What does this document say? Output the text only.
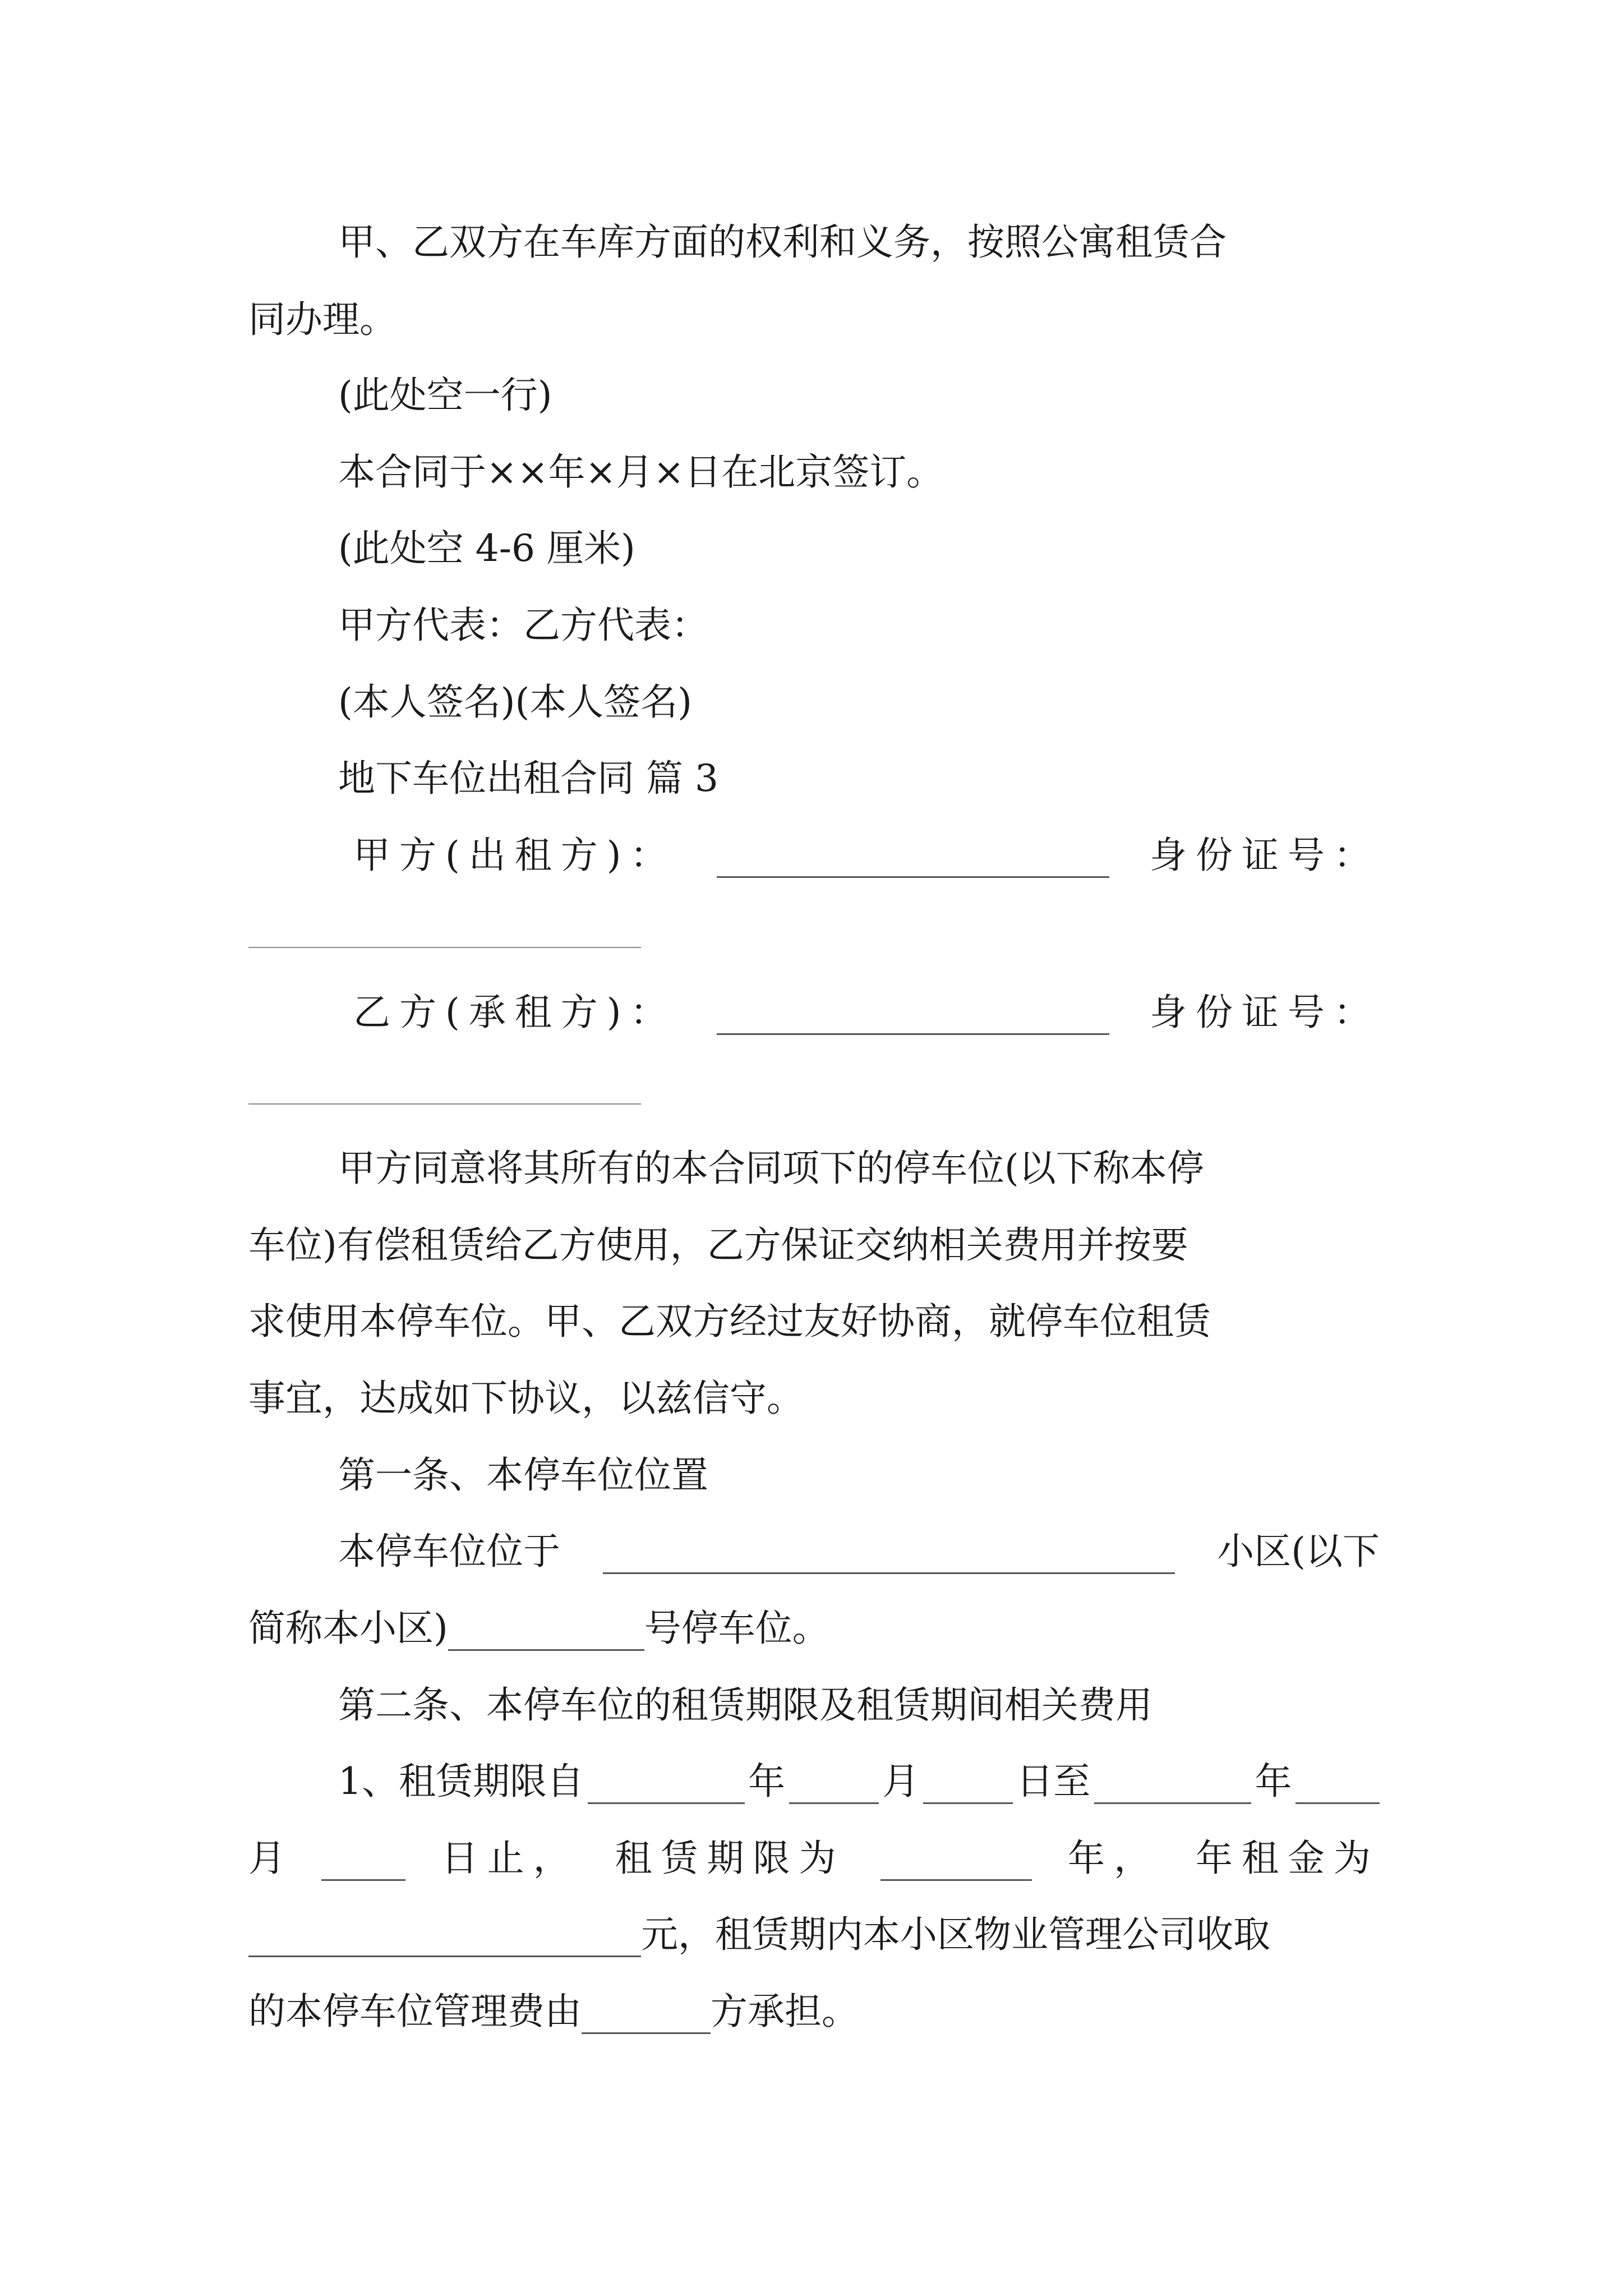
甲、乙双方在车库方面的权利和义务，按照公寓租赁合
同办理。
(此处空一行)
本合同于××年×月×日在北京签订。
(此处空 4-6 厘米)
甲方代表：乙方代表：
(本人签名)(本人签名)
地下车位出租合同 篇 3
甲方(出租方)：	身份证号：
乙方(承租方)：	身份证号：
甲方同意将其所有的本合同项下的停车位(以下称本停
车位)有偿租赁给乙方使用，乙方保证交纳相关费用并按要
求使用本停车位。甲、乙双方经过友好协商，就停车位租赁
事宜，达成如下协议，以兹信守。
第一条、本停车位位置
本停车位位于	小区(以下
简称本小区)	号停车位。
第二条、本停车位的租赁期限及租赁期间相关费用
1、租赁期限自	年	月	日至	年
月	日止， 租赁期限为	年， 年租金为
元，租赁期内本小区物业管理公司收取
的本停车位管理费由	方承担。
